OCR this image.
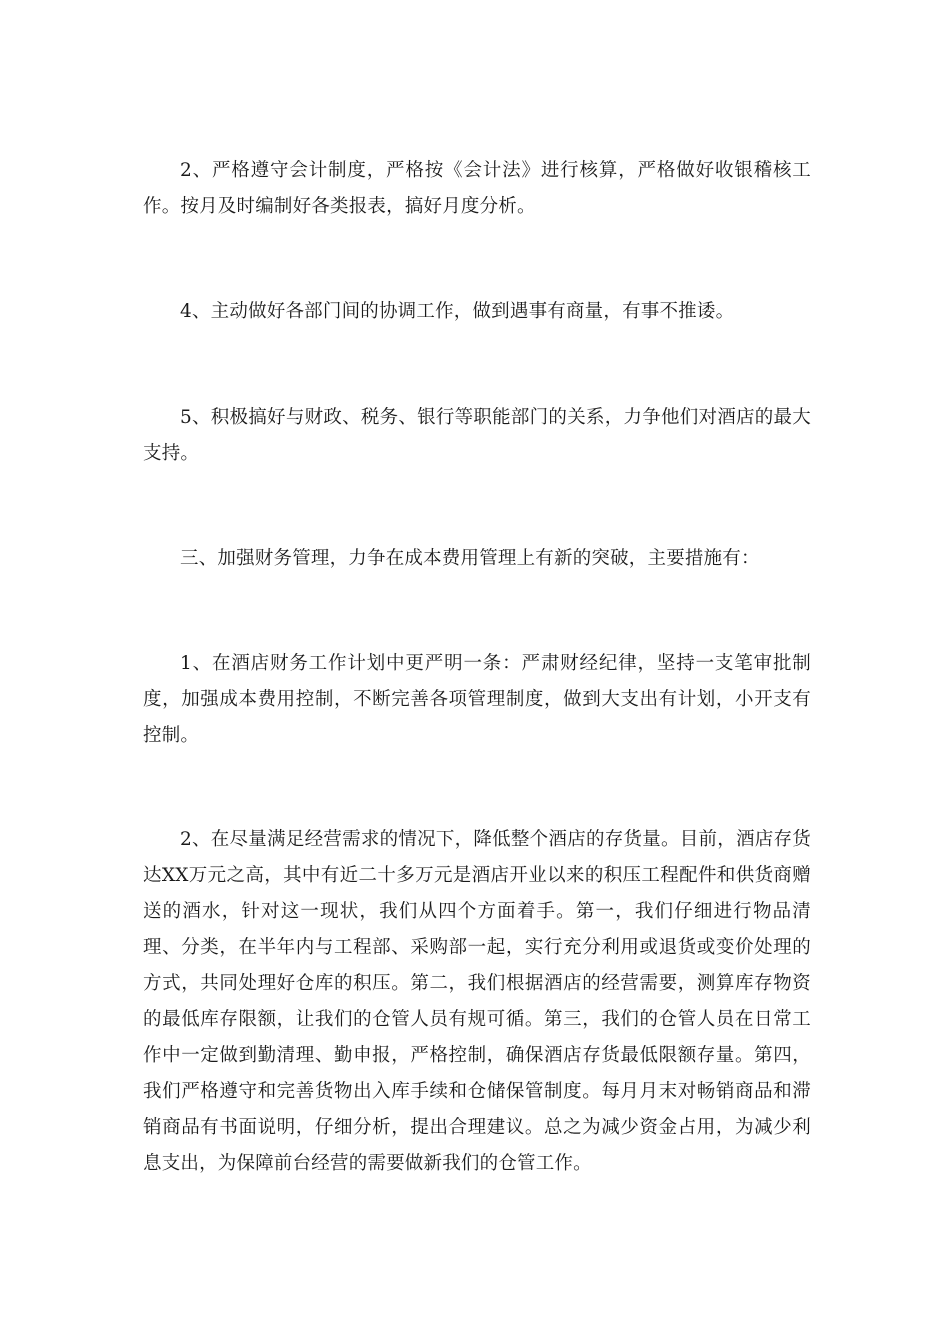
2、严格遵守会计制度，严格按《会计法》进行核算，严格做好收银稽核工作。按月及时编制好各类报表，搞好月度分析。

4、主动做好各部门间的协调工作，做到遇事有商量，有事不推诿。

5、积极搞好与财政、税务、银行等职能部门的关系，力争他们对酒店的最大支持。

三、加强财务管理，力争在成本费用管理上有新的突破，主要措施有：

1、在酒店财务工作计划中更严明一条：严肃财经纪律，坚持一支笔审批制度，加强成本费用控制，不断完善各项管理制度，做到大支出有计划，小开支有控制。

2、在尽量满足经营需求的情况下，降低整个酒店的存货量。目前，酒店存货达XX万元之高，其中有近二十多万元是酒店开业以来的积压工程配件和供货商赠送的酒水，针对这一现状，我们从四个方面着手。第一，我们仔细进行物品清理、分类，在半年内与工程部、采购部一起，实行充分利用或退货或变价处理的方式，共同处理好仓库的积压。第二，我们根据酒店的经营需要，测算库存物资的最低库存限额，让我们的仓管人员有规可循。第三，我们的仓管人员在日常工作中一定做到勤清理、勤申报，严格控制，确保酒店存货最低限额存量。第四，我们严格遵守和完善货物出入库手续和仓储保管制度。每月月末对畅销商品和滞销商品有书面说明，仔细分析，提出合理建议。总之为减少资金占用，为减少利息支出，为保障前台经营的需要做新我们的仓管工作。
